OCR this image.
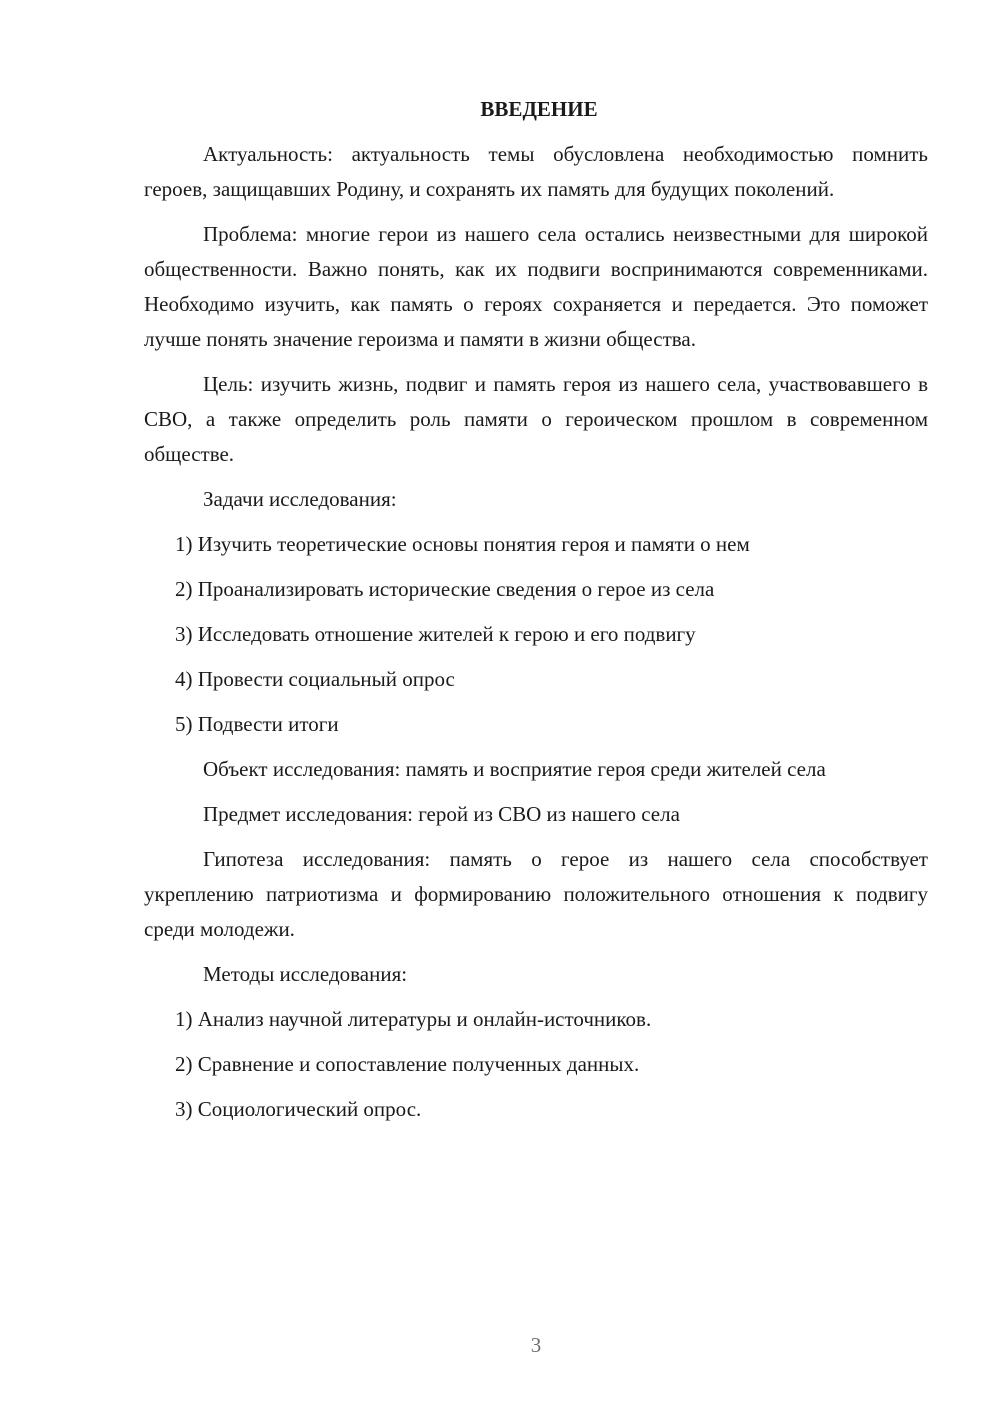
ВВЕДЕНИЕ

Актуальность: актуальность темы обусловлена необходимостью помнить героев, защищавших Родину, и сохранять их память для будущих поколений.

Проблема: многие герои из нашего села остались неизвестными для широкой общественности. Важно понять, как их подвиги воспринимаются современниками. Необходимо изучить, как память о героях сохраняется и передается. Это поможет лучше понять значение героизма и памяти в жизни общества.

Цель: изучить жизнь, подвиг и память героя из нашего села, участвовавшего в СВО, а также определить роль памяти о героическом прошлом в современном обществе.

Задачи исследования:

1) Изучить теоретические основы понятия героя и памяти о нем
2) Проанализировать исторические сведения о герое из села
3) Исследовать отношение жителей к герою и его подвигу
4) Провести социальный опрос
5) Подвести итоги

Объект исследования: память и восприятие героя среди жителей села

Предмет исследования: герой из СВО из нашего села

Гипотеза исследования: память о герое из нашего села способствует укреплению патриотизма и формированию положительного отношения к подвигу среди молодежи.

Методы исследования:

1) Анализ научной литературы и онлайн-источников.
2) Сравнение и сопоставление полученных данных.
3) Социологический опрос.
3
